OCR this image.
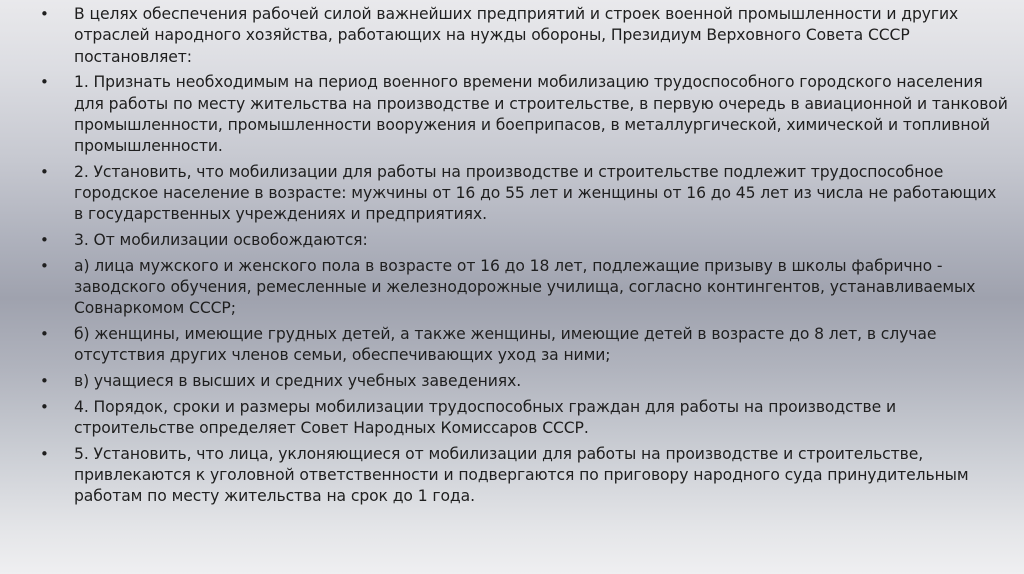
• В целях обеспечения рабочей силой важнейших предприятий и строек военной промышленности и других отраслей народного хозяйства, работающих на нужды обороны, Президиум Верховного Совета СССР постановляет:
• 1. Признать необходимым на период военного времени мобилизацию трудоспособного городского населения для работы по месту жительства на производстве и строительстве, в первую очередь в авиационной и танковой промышленности, промышленности вооружения и боеприпасов, в металлургической, химической и топливной промышленности.
• 2. Установить, что мобилизации для работы на производстве и строительстве подлежит трудоспособное городское население в возрасте: мужчины от 16 до 55 лет и женщины от 16 до 45 лет из числа не работающих в государственных учреждениях и предприятиях.
• 3. От мобилизации освобождаются:
• а) лица мужского и женского пола в возрасте от 16 до 18 лет, подлежащие призыву в школы фабрично - заводского обучения, ремесленные и железнодорожные училища, согласно контингентов, устанавливаемых Совнаркомом СССР;
• б) женщины, имеющие грудных детей, а также женщины, имеющие детей в возрасте до 8 лет, в случае отсутствия других членов семьи, обеспечивающих уход за ними;
• в) учащиеся в высших и средних учебных заведениях.
• 4. Порядок, сроки и размеры мобилизации трудоспособных граждан для работы на производстве и строительстве определяет Совет Народных Комиссаров СССР.
• 5. Установить, что лица, уклоняющиеся от мобилизации для работы на производстве и строительстве, привлекаются к уголовной ответственности и подвергаются по приговору народного суда принудительным работам по месту жительства на срок до 1 года.
